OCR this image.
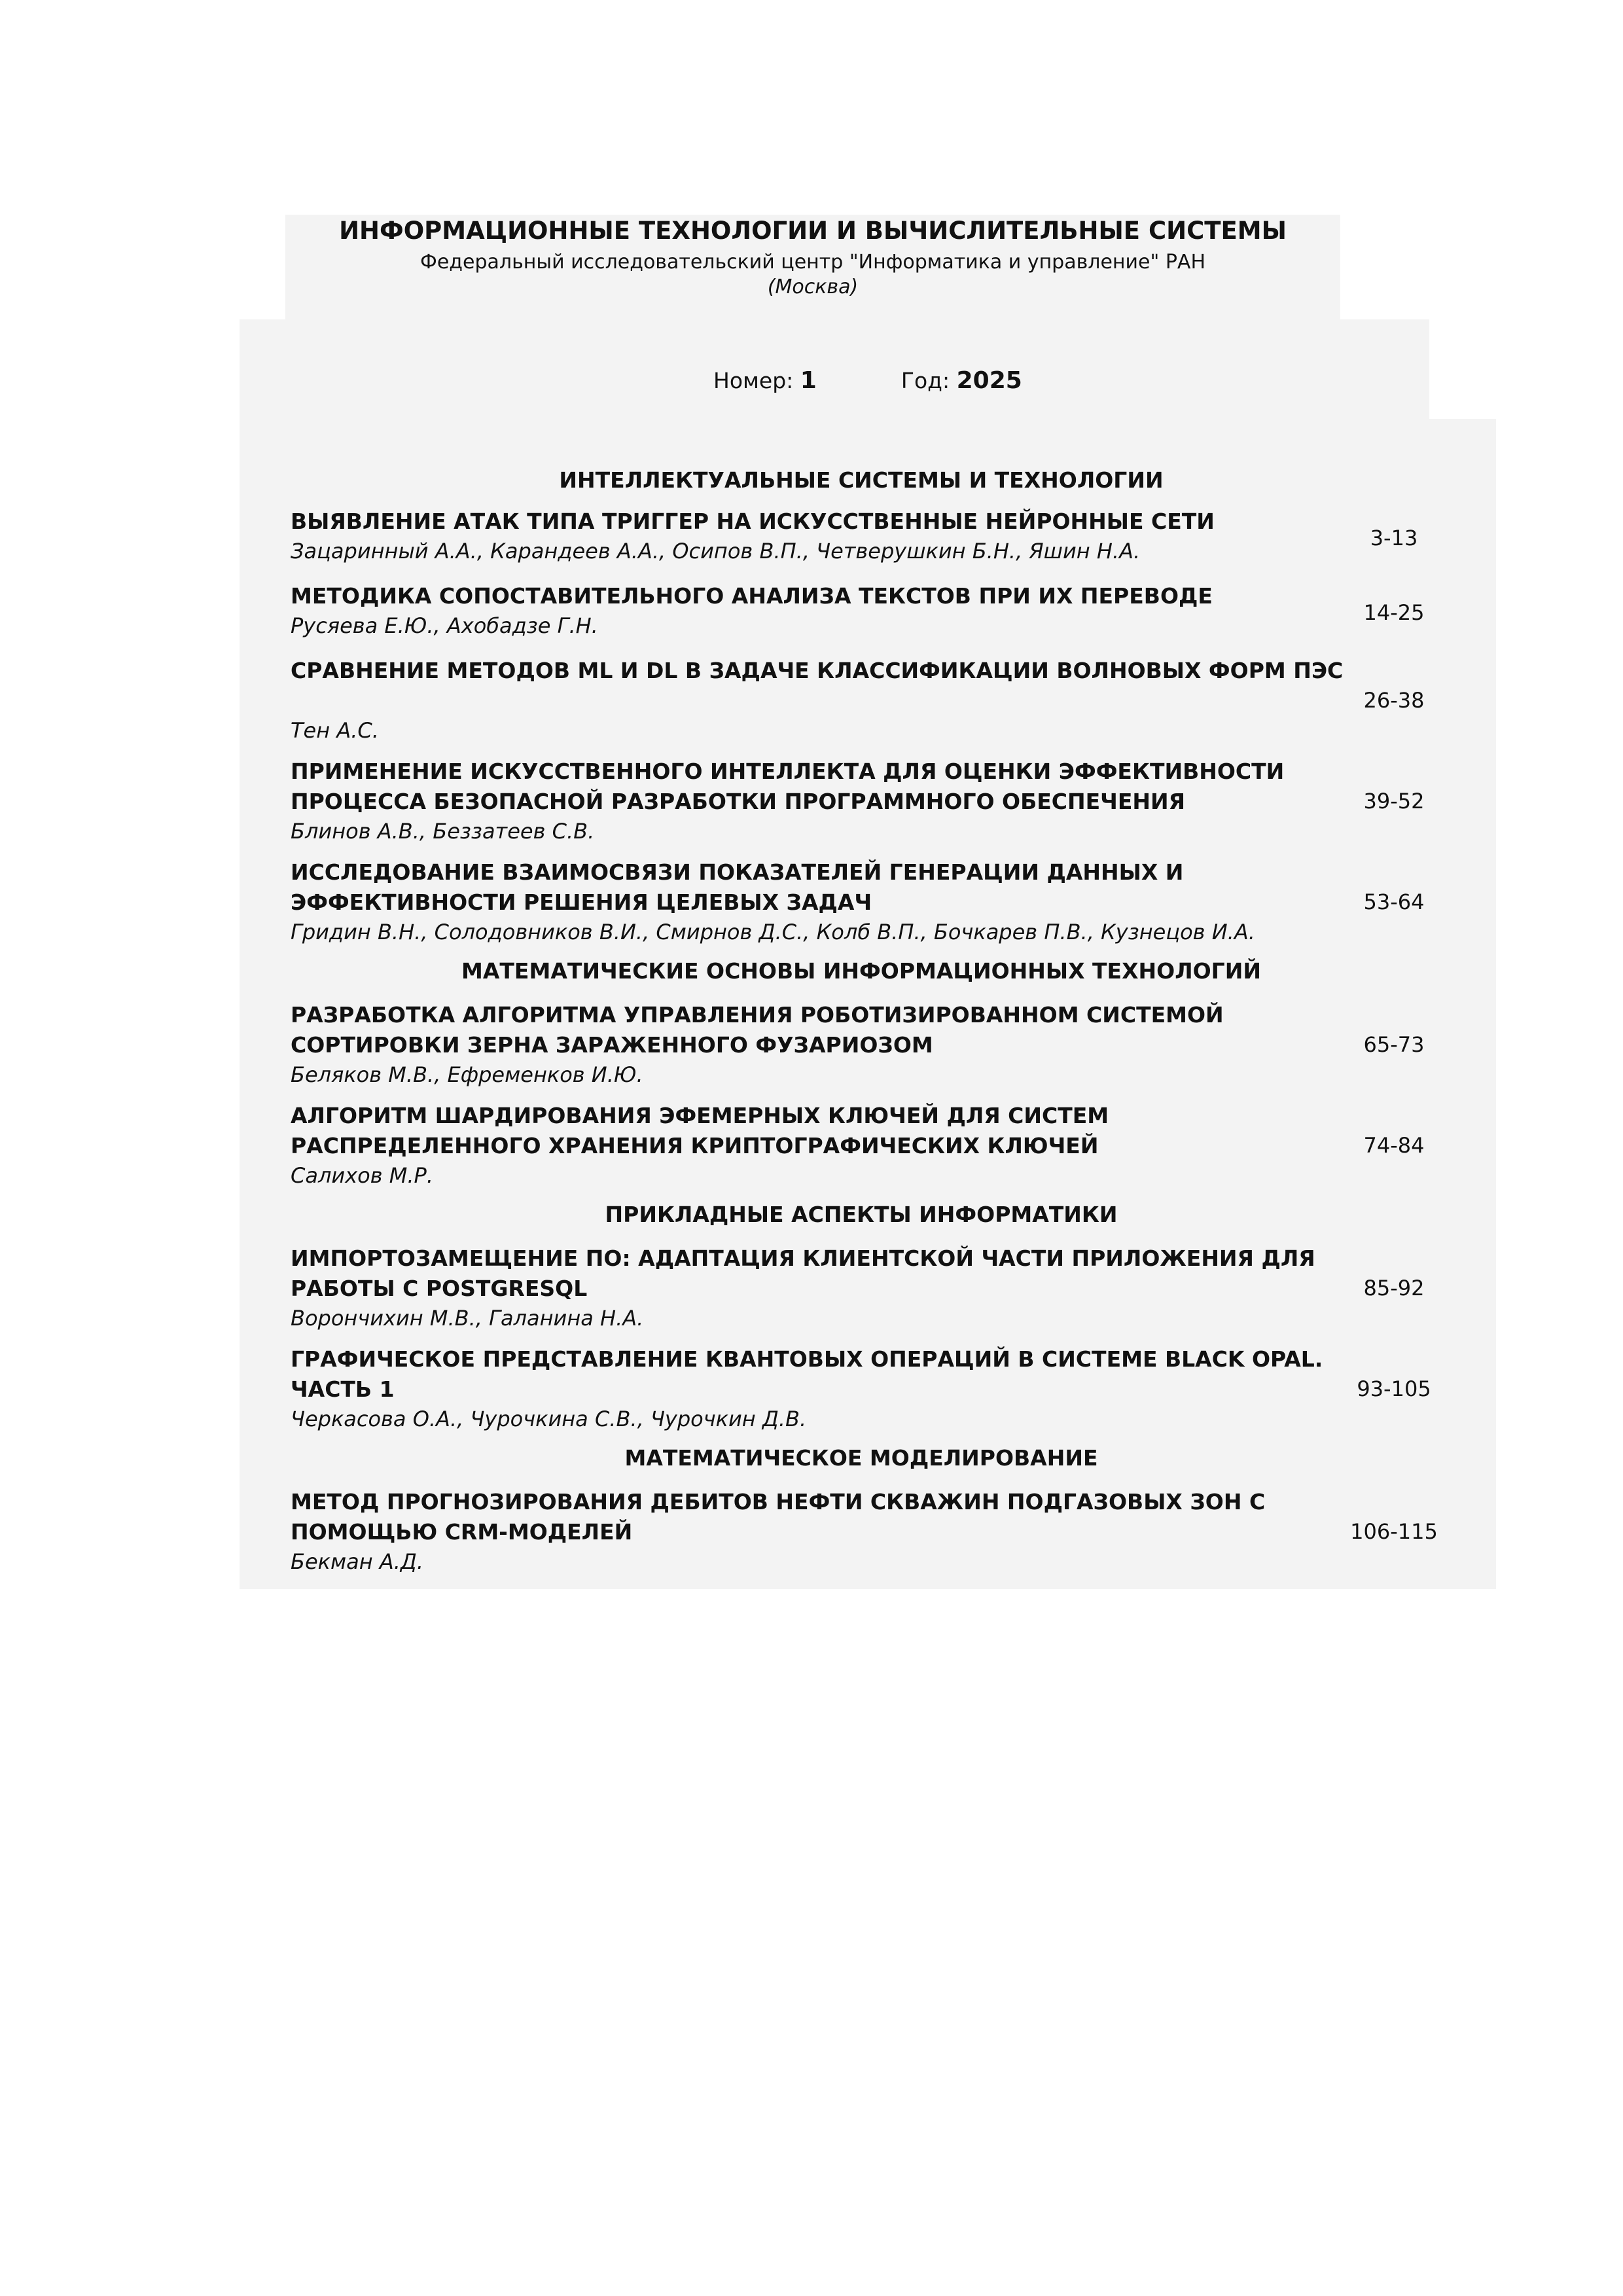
ИНФОРМАЦИОННЫЕ ТЕХНОЛОГИИ И ВЫЧИСЛИТЕЛЬНЫЕ СИСТЕМЫ
Федеральный исследовательский центр "Информатика и управление" РАН
(Москва)
Номер: 1	Год: 2025
ИНТЕЛЛЕКТУАЛЬНЫЕ СИСТЕМЫ И ТЕХНОЛОГИИ
ВЫЯВЛЕНИЕ АТАК ТИПА ТРИГГЕР НА ИСКУССТВЕННЫЕ НЕЙРОННЫЕ СЕТИ
Зацаринный А.А., Карандеев А.А., Осипов В.П., Четверушкин Б.Н., Яшин Н.А.
3-13
МЕТОДИКА СОПОСТАВИТЕЛЬНОГО АНАЛИЗА ТЕКСТОВ ПРИ ИХ ПЕРЕВОДЕ
Русяева Е.Ю., Ахобадзе Г.Н.
14-25
СРАВНЕНИЕ МЕТОДОВ ML И DL В ЗАДАЧЕ КЛАССИФИКАЦИИ ВОЛНОВЫХ ФОРМ ПЭС
Тен А.С.
26-38
ПРИМЕНЕНИЕ ИСКУССТВЕННОГО ИНТЕЛЛЕКТА ДЛЯ ОЦЕНКИ ЭФФЕКТИВНОСТИ ПРОЦЕССА БЕЗОПАСНОЙ РАЗРАБОТКИ ПРОГРАММНОГО ОБЕСПЕЧЕНИЯ
Блинов А.В., Беззатеев С.В.
39-52
ИССЛЕДОВАНИЕ ВЗАИМОСВЯЗИ ПОКАЗАТЕЛЕЙ ГЕНЕРАЦИИ ДАННЫХ И ЭФФЕКТИВНОСТИ РЕШЕНИЯ ЦЕЛЕВЫХ ЗАДАЧ
Гридин В.Н., Солодовников В.И., Смирнов Д.С., Колб В.П., Бочкарев П.В., Кузнецов И.А.
53-64
МАТЕМАТИЧЕСКИЕ ОСНОВЫ ИНФОРМАЦИОННЫХ ТЕХНОЛОГИЙ
РАЗРАБОТКА АЛГОРИТМА УПРАВЛЕНИЯ РОБОТИЗИРОВАННОМ СИСТЕМОЙ СОРТИРОВКИ ЗЕРНА ЗАРАЖЕННОГО ФУЗАРИОЗОМ
Беляков М.В., Ефременков И.Ю.
65-73
АЛГОРИТМ ШАРДИРОВАНИЯ ЭФЕМЕРНЫХ КЛЮЧЕЙ ДЛЯ СИСТЕМ РАСПРЕДЕЛЕННОГО ХРАНЕНИЯ КРИПТОГРАФИЧЕСКИХ КЛЮЧЕЙ
Салихов М.Р.
74-84
ПРИКЛАДНЫЕ АСПЕКТЫ ИНФОРМАТИКИ
ИМПОРТОЗАМЕЩЕНИЕ ПО: АДАПТАЦИЯ КЛИЕНТСКОЙ ЧАСТИ ПРИЛОЖЕНИЯ ДЛЯ РАБОТЫ С POSTGRESQL
Ворончихин М.В., Галанина Н.А.
85-92
ГРАФИЧЕСКОЕ ПРЕДСТАВЛЕНИЕ КВАНТОВЫХ ОПЕРАЦИЙ В СИСТЕМЕ BLACK OPAL. ЧАСТЬ 1
Черкасова О.А., Чурочкина С.В., Чурочкин Д.В.
93-105
МАТЕМАТИЧЕСКОЕ МОДЕЛИРОВАНИЕ
МЕТОД ПРОГНОЗИРОВАНИЯ ДЕБИТОВ НЕФТИ СКВАЖИН ПОДГАЗОВЫХ ЗОН С ПОМОЩЬЮ CRM-МОДЕЛЕЙ
Бекман А.Д.
106-115
